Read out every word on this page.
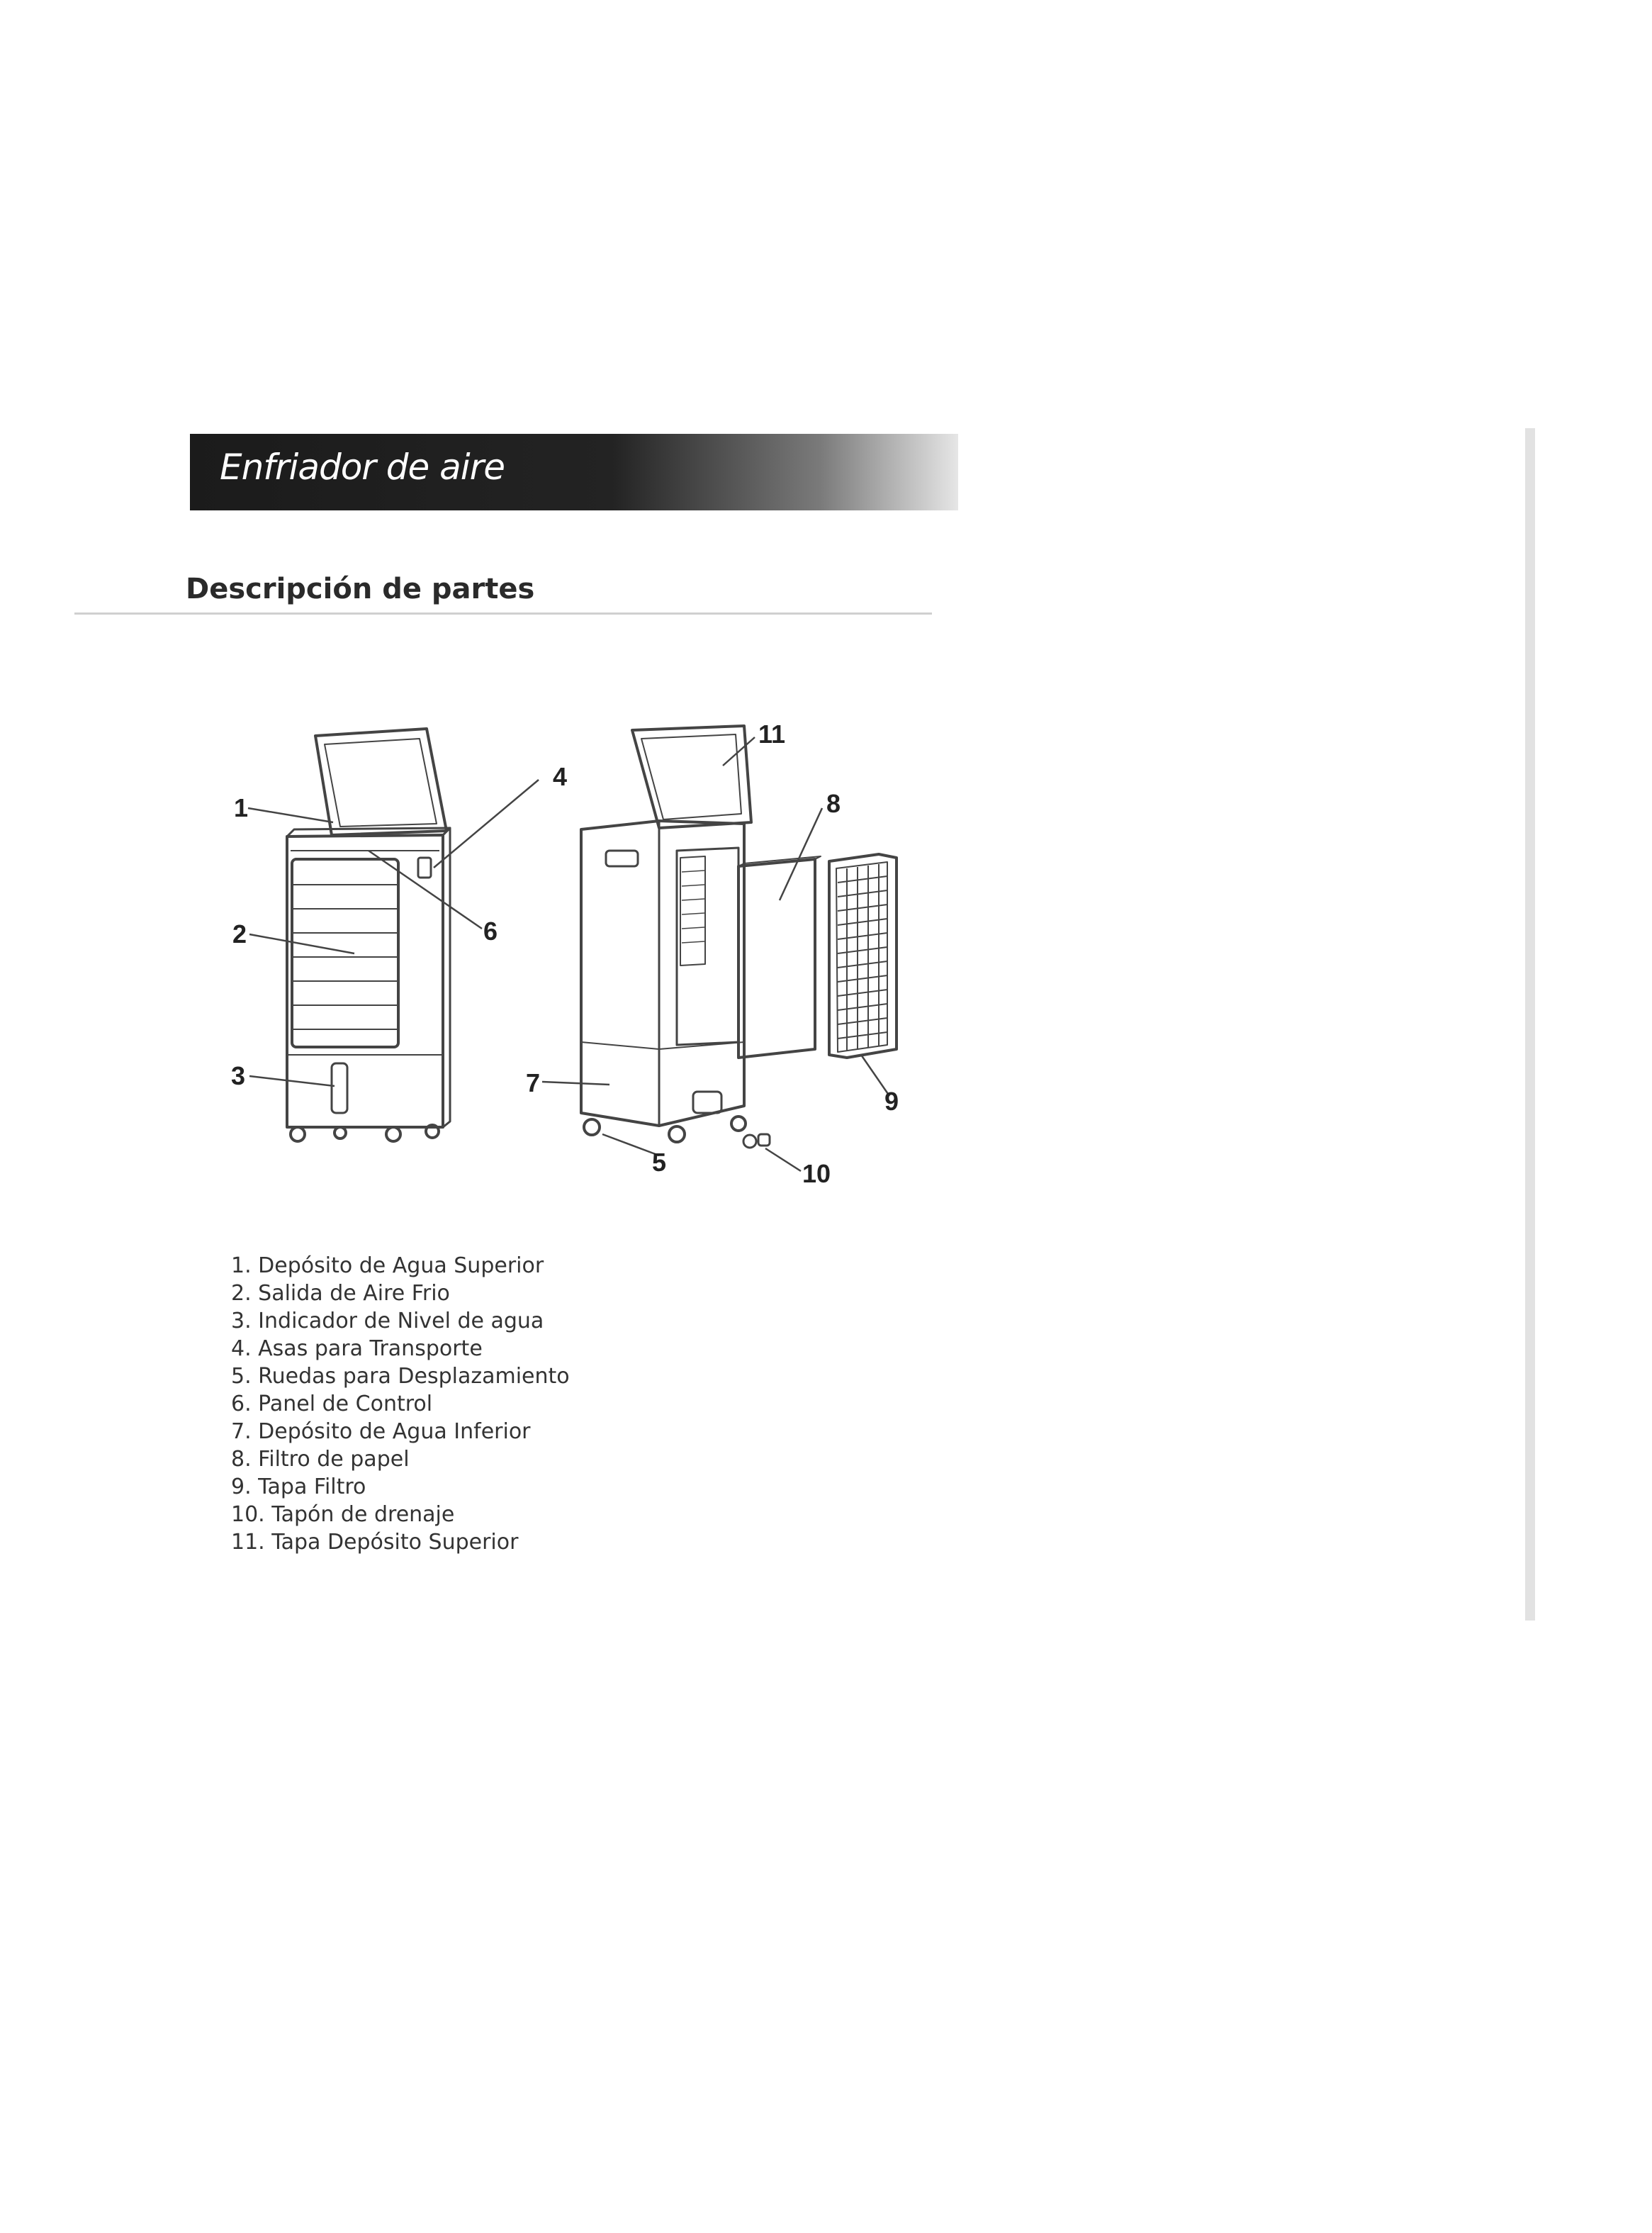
Enfriador de aire
Descripción de partes
1
2
3
4
5
6
7
8
9
10
11
1. Depósito de Agua Superior
2. Salida de Aire Frio
3. Indicador de Nivel de agua
4. Asas para Transporte
5. Ruedas para Desplazamiento
6. Panel de Control
7. Depósito de Agua Inferior
8. Filtro de papel
9. Tapa Filtro
10. Tapón de drenaje
11. Tapa Depósito Superior
